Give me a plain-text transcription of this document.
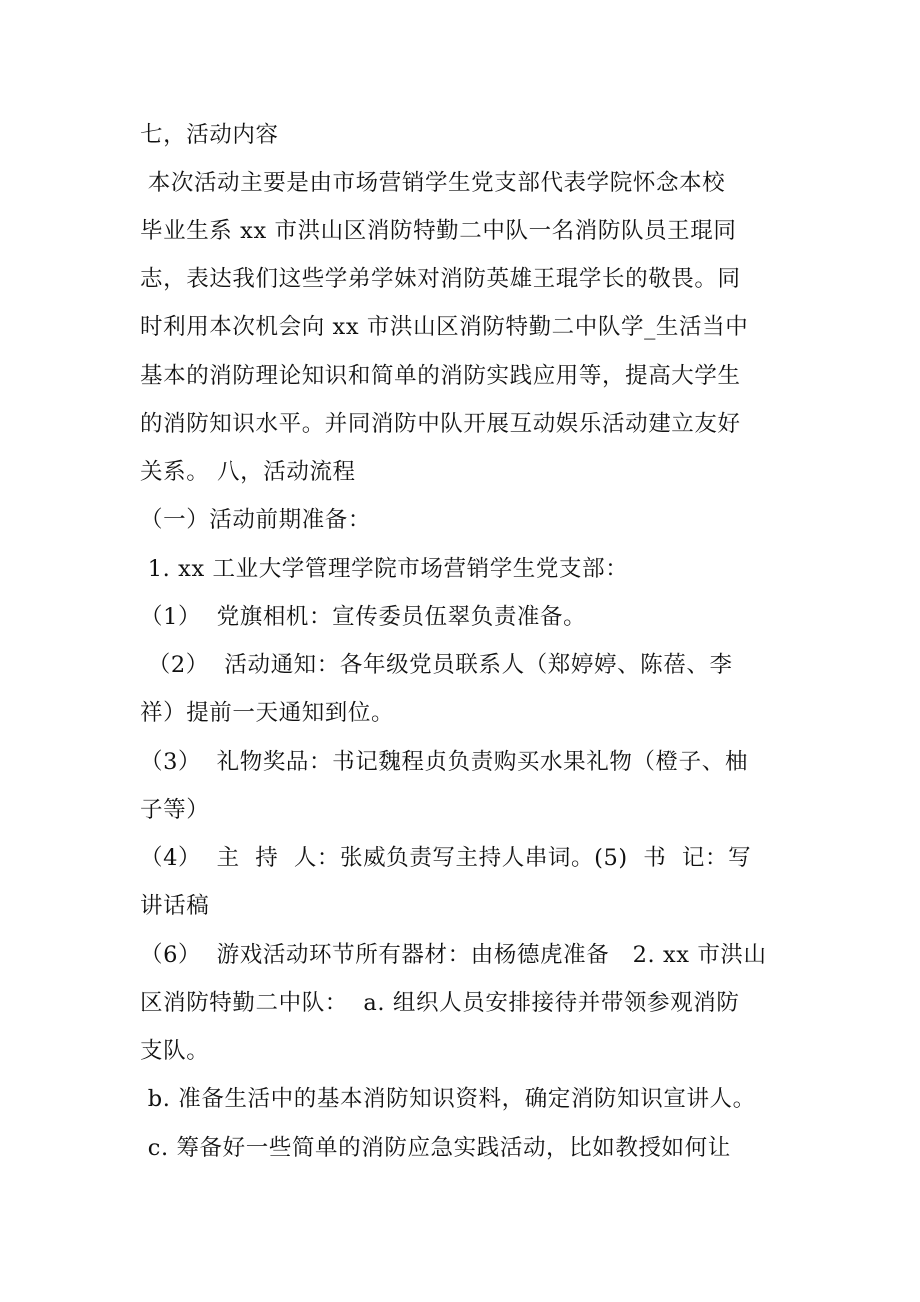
七，活动内容
本次活动主要是由市场营销学生党支部代表学院怀念本校
毕业生系 xx 市洪山区消防特勤二中队一名消防队员王琨同
志，表达我们这些学弟学妹对消防英雄王琨学长的敬畏。同
时利用本次机会向 xx 市洪山区消防特勤二中队学_生活当中
基本的消防理论知识和简单的消防实践应用等，提高大学生
的消防知识水平。并同消防中队开展互动娱乐活动建立友好
关系。 八，活动流程
（一）活动前期准备：
1. xx 工业大学管理学院市场营销学生党支部：
（1）  党旗相机：宣传委员伍翠负责准备。
（2）  活动通知：各年级党员联系人（郑婷婷、陈蓓、李
祥）提前一天通知到位。
（3）  礼物奖品：书记魏程贞负责购买水果礼物（橙子、柚
子等）
（4）  主  持  人：张威负责写主持人串词。(5)  书  记：写
讲话稿
（6）  游戏活动环节所有器材：由杨德虎准备   2. xx 市洪山
区消防特勤二中队：  a. 组织人员安排接待并带领参观消防
支队。
b. 准备生活中的基本消防知识资料，确定消防知识宣讲人。
c. 筹备好一些简单的消防应急实践活动，比如教授如何让
